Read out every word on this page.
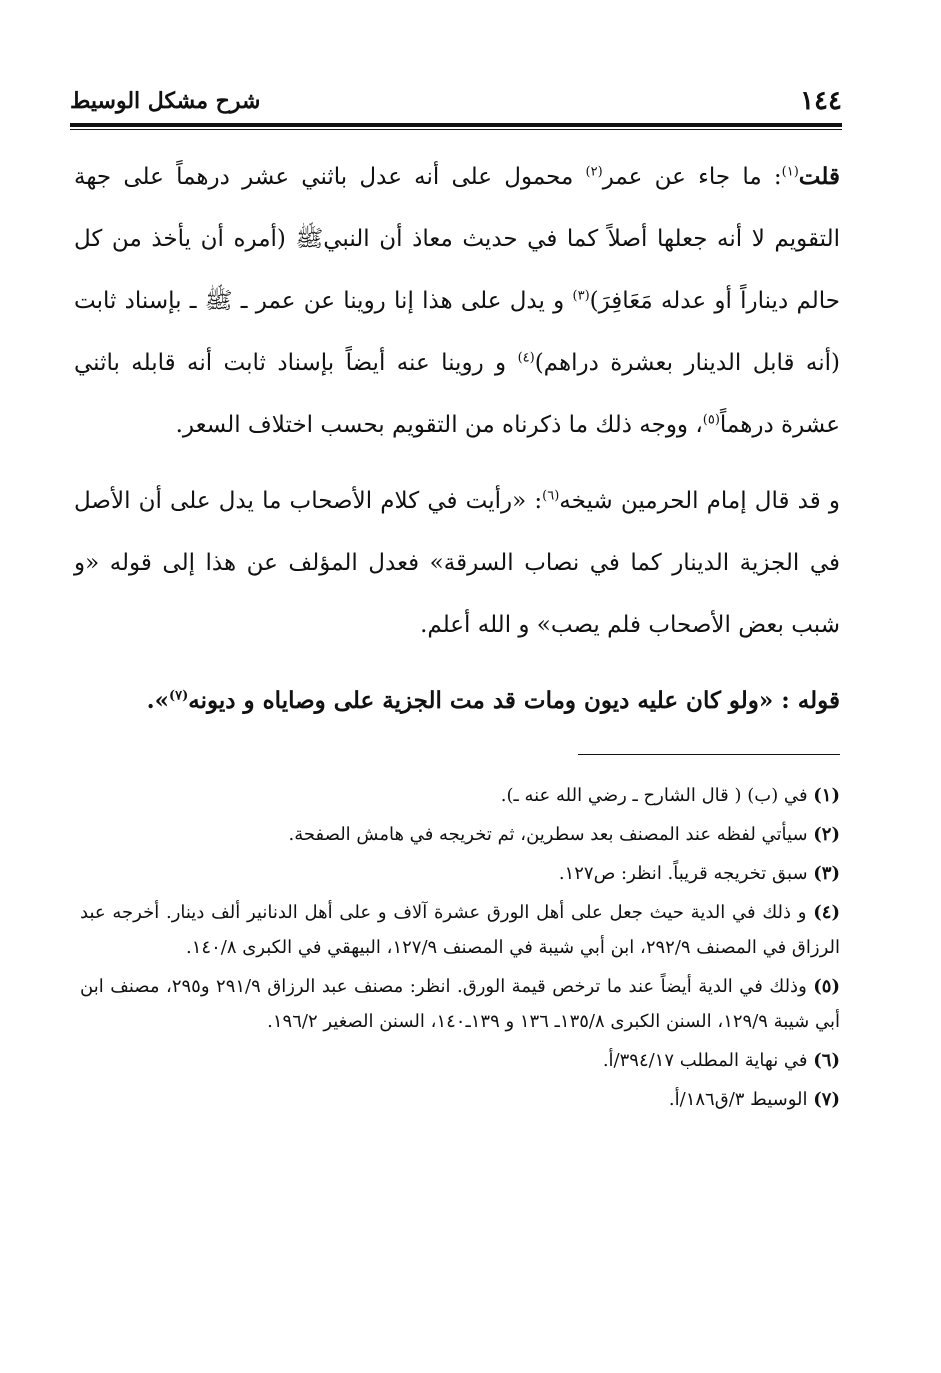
١٤٤
شرح مشكل الوسيط

قلت$^{(١)}$: ما جاء عن عمر$^{(٢)}$ محمول على أنه عدل باثني عشر درهماً على جهة التقويم لا أنه جعلها أصلاً كما في حديث معاذ أن النبيﷺ (أمره أن يأخذ من كل حالم ديناراً أو عدله مَعَافِرَ)$^{(٣)}$ و يدل على هذا إنا روينا عن عمر ـ ﷺ ـ بإسناد ثابت (أنه قابل الدينار بعشرة دراهم)$^{(٤)}$ و روينا عنه أيضاً بإسناد ثابت أنه قابله باثني عشرة درهماً$^{(٥)}$، ووجه ذلك ما ذكرناه من التقويم بحسب اختلاف السعر.

و قد قال إمام الحرمين شيخه$^{(٦)}$: «رأيت في كلام الأصحاب ما يدل على أن الأصل في الجزية الدينار كما في نصاب السرقة» فعدل المؤلف عن هذا إلى قوله «و شبب بعض الأصحاب فلم يصب» و الله أعلم.

قوله : «ولو كان عليه ديون ومات قد مت الجزية على وصاياه و ديونه$^{(٧)}$».

(١) في (ب) ( قال الشارح ـ رضي الله عنه ـ).

(٢) سيأتي لفظه عند المصنف بعد سطرين، ثم تخريجه في هامش الصفحة.

(٣) سبق تخريجه قريباً. انظر: ص١٢٧.

(٤) و ذلك في الدية حيث جعل على أهل الورق عشرة آلاف و على أهل الدنانير ألف دينار. أخرجه عبد الرزاق في المصنف ٢٩٢/٩، ابن أبي شيبة في المصنف ١٢٧/٩، البيهقي في الكبرى ١٤٠/٨.

(٥) وذلك في الدية أيضاً عند ما ترخص قيمة الورق. انظر: مصنف عبد الرزاق ٢٩١/٩ و٢٩٥، مصنف ابن أبي شيبة ١٢٩/٩، السنن الكبرى ١٣٥/٨ـ ١٣٦ و ١٣٩ـ١٤٠، السنن الصغير ١٩٦/٢.

(٦) في نهاية المطلب ٣٩٤/١٧/أ.

(٧) الوسيط ٣/ق١٨٦/أ.
